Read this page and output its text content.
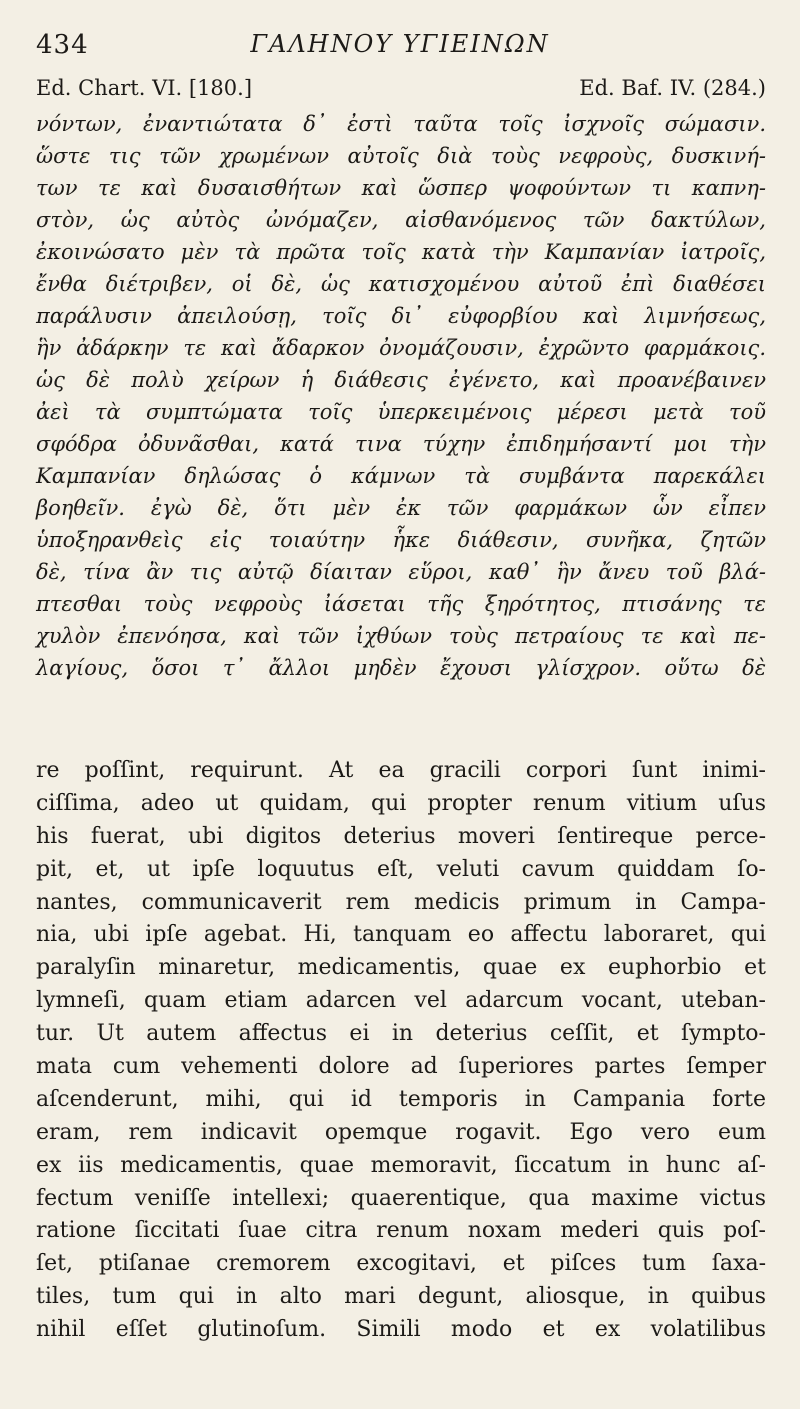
434	ΓΑΛΗΝΟΥ ΥΓΙΕΙΝΩΝ
Ed. Chart. VI. [180.]	Ed. Baf. IV. (284.)
νόντων, ἐναντιώτατα δ᾽ ἐστὶ ταῦτα τοῖς ἰσχνοῖς σώμασιν.
ὥστε τις τῶν χρωμένων αὐτοῖς διὰ τοὺς νεφροὺς, δυσκινή-
των τε καὶ δυσαισθήτων καὶ ὥσπερ ψοφούντων τι καπνη-
στὸν, ὡς αὐτὸς ὠνόμαζεν, αἰσθανόμενος τῶν δακτύλων,
ἐκοινώσατο μὲν τὰ πρῶτα τοῖς κατὰ τὴν Καμπανίαν ἰατροῖς,
ἔνθα διέτριβεν, οἱ δὲ, ὡς κατισχομένου αὐτοῦ ἐπὶ διαθέσει
παράλυσιν ἀπειλούσῃ, τοῖς δι᾽ εὐφορβίου καὶ λιμνήσεως,
ἣν ἀδάρκην τε καὶ ἄδαρκον ὀνομάζουσιν, ἐχρῶντο φαρμάκοις.
ὡς δὲ πολὺ χείρων ἡ διάθεσις ἐγένετο, καὶ προανέβαινεν
ἀεὶ τὰ συμπτώματα τοῖς ὑπερκειμένοις μέρεσι μετὰ τοῦ
σφόδρα ὀδυνᾶσθαι, κατά τινα τύχην ἐπιδημήσαντί μοι τὴν
Καμπανίαν δηλώσας ὁ κάμνων τὰ συμβάντα παρεκάλει
βοηθεῖν. ἐγὼ δὲ, ὅτι μὲν ἐκ τῶν φαρμάκων ὧν εἶπεν
ὑποξηρανθεὶς εἰς τοιαύτην ἧκε διάθεσιν, συνῆκα, ζητῶν
δὲ, τίνα ἂν τις αὐτῷ δίαιταν εὕροι, καθ᾽ ἣν ἄνευ τοῦ βλά-
πτεσθαι τοὺς νεφροὺς ἰάσεται τῆς ξηρότητος, πτισάνης τε
χυλὸν ἐπενόησα, καὶ τῶν ἰχθύων τοὺς πετραίους τε καὶ πε-
λαγίους, ὅσοι τ᾽ ἄλλοι μηδὲν ἔχουσι γλίσχρον. οὕτω δὲ
re poſſint, requirunt. At ea gracili corpori ſunt inimi-
ciſſima, adeo ut quidam, qui propter renum vitium uſus
his fuerat, ubi digitos deterius moveri ſentireque perce-
pit, et, ut ipſe loquutus eſt, veluti cavum quiddam ſo-
nantes, communicaverit rem medicis primum in Campa-
nia, ubi ipſe agebat. Hi, tanquam eo affectu laboraret, qui
paralyſin minaretur, medicamentis, quae ex euphorbio et
lymneſi, quam etiam adarcen vel adarcum vocant, uteban-
tur. Ut autem affectus ei in deterius ceſſit, et ſympto-
mata cum vehementi dolore ad ſuperiores partes ſemper
aſcenderunt, mihi, qui id temporis in Campania forte
eram, rem indicavit opemque rogavit. Ego vero eum
ex iis medicamentis, quae memoravit, ſiccatum in hunc aſ-
fectum veniſſe intellexi; quaerentique, qua maxime victus
ratione ſiccitati ſuae citra renum noxam mederi quis poſ-
ſet, ptiſanae cremorem excogitavi, et piſces tum ſaxa-
tiles, tum qui in alto mari degunt, aliosque, in quibus
nihil eſſet glutinoſum. Simili modo et ex volatilibus
